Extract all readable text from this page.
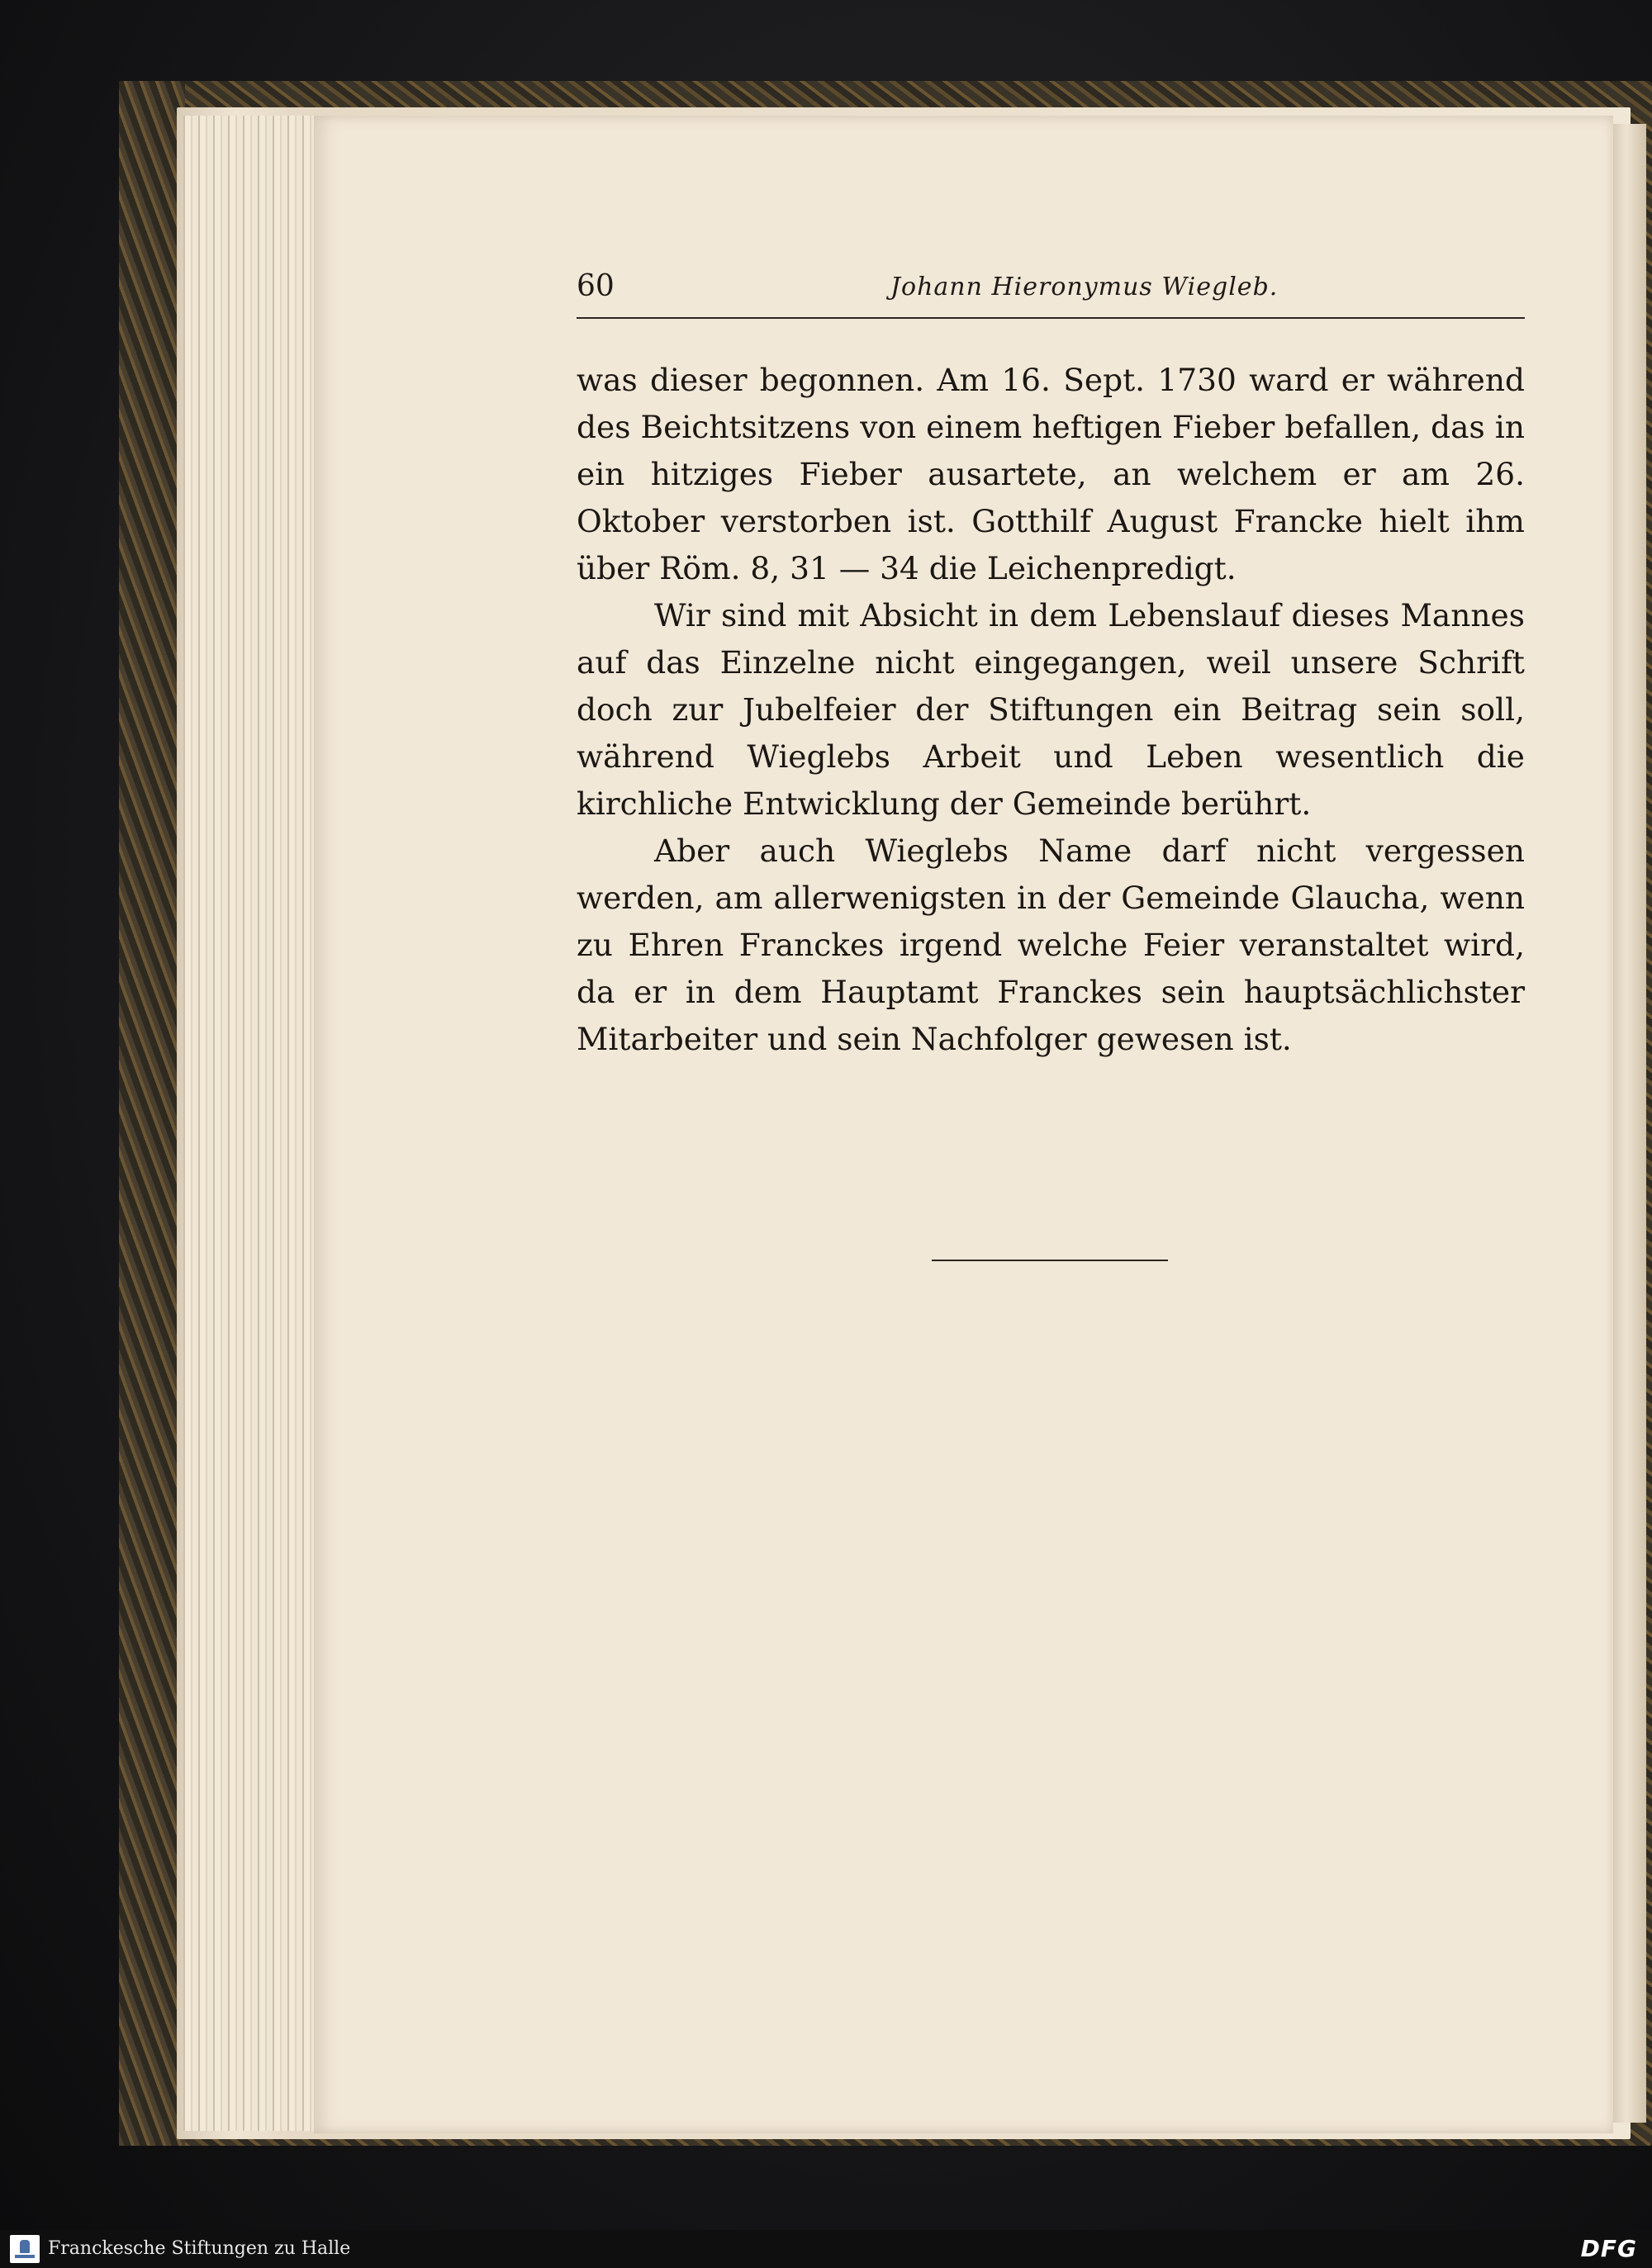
60	Johann Hieronymus Wiegleb.

was dieser begonnen. Am 16. Sept. 1730 ward er während des Beichtsitzens von einem heftigen Fieber befallen, das in ein hitziges Fieber ausartete, an welchem er am 26. Oktober verstorben ist. Gotthilf August Francke hielt ihm über Röm. 8, 31 — 34 die Leichenpredigt.

Wir sind mit Absicht in dem Lebenslauf dieses Mannes auf das Einzelne nicht eingegangen, weil unsere Schrift doch zur Jubelfeier der Stiftungen ein Beitrag sein soll, während Wieglebs Arbeit und Leben wesentlich die kirchliche Entwicklung der Gemeinde berührt.

Aber auch Wieglebs Name darf nicht vergessen werden, am allerwenigsten in der Gemeinde Glaucha, wenn zu Ehren Franckes irgend welche Feier veranstaltet wird, da er in dem Hauptamt Franckes sein hauptsächlichster Mitarbeiter und sein Nachfolger gewesen ist.

Franckesche Stiftungen zu Halle	DFG
